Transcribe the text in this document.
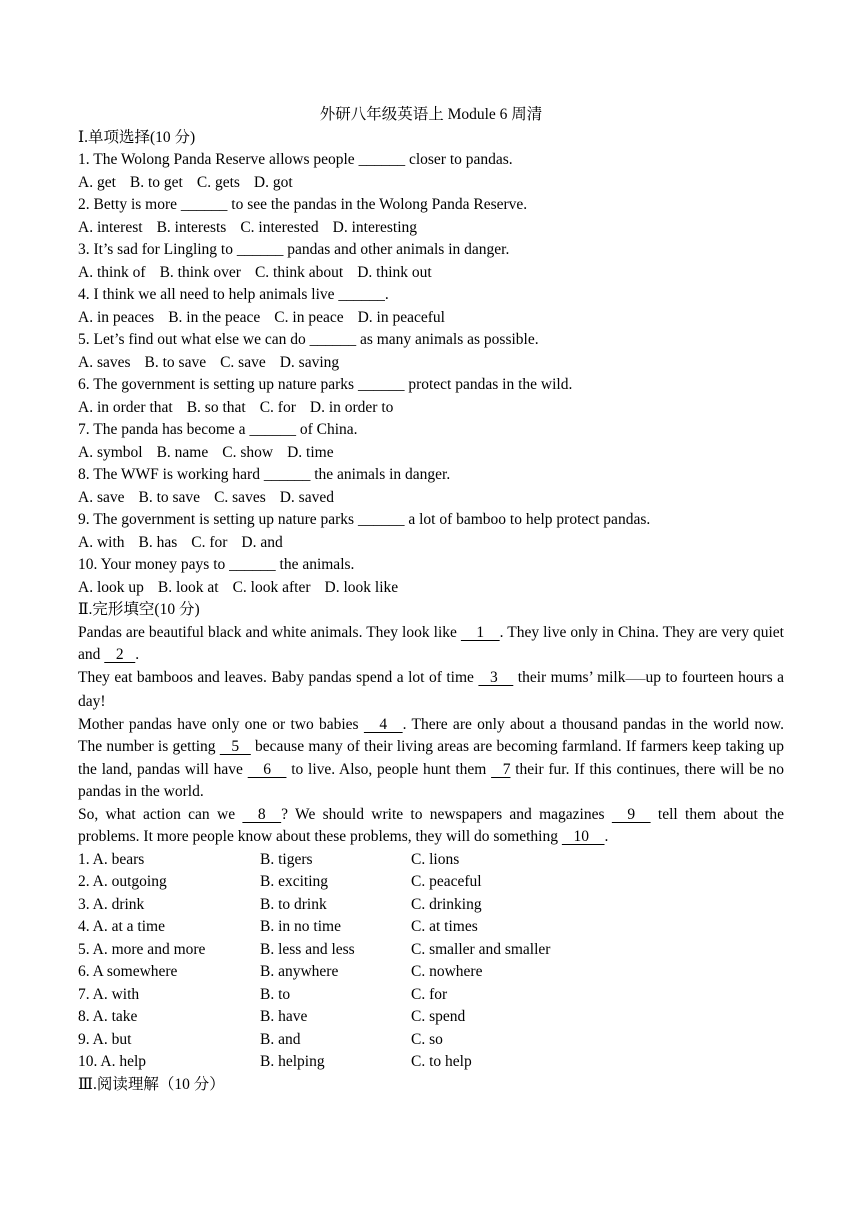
外研八年级英语上 Module 6 周清
Ⅰ.单项选择(10 分)
1. The Wolong Panda Reserve allows people ______ closer to pandas.
A. get B. to get C. gets D. got
2. Betty is more ______ to see the pandas in the Wolong Panda Reserve.
A. interest B. interests C. interested D. interesting
3. It’s sad for Lingling to ______ pandas and other animals in danger.
A. think of B. think over C. think about D. think out
4. I think we all need to help animals live ______.
A. in peaces B. in the peace C. in peace D. in peaceful
5. Let’s find out what else we can do ______ as many animals as possible.
A. saves B. to save C. save D. saving
6. The government is setting up nature parks ______ protect pandas in the wild.
A. in order that B. so that C. for D. in order to
7. The panda has become a ______ of China.
A. symbol B. name C. show D. time
8. The WWF is working hard ______ the animals in danger.
A. save B. to save C. saves D. saved
9. The government is setting up nature parks ______ a lot of bamboo to help protect pandas.
A. with B. has C. for D. and
10. Your money pays to ______ the animals.
A. look up B. look at C. look after D. look like
Ⅱ.完形填空(10 分)
Pandas are beautiful black and white animals. They look like     1    . They live only in China. They are very quiet and    2   .
They eat bamboos and leaves. Baby pandas spend a lot of time    3     their mums’ milk――up to fourteen hours a day!
Mother pandas have only one or two babies     4    . There are only about a thousand pandas in the world now. The number is getting    5    because many of their living areas are becoming farmland. If farmers keep taking up the land, pandas will have     6     to live. Also, people hunt them    7 their fur. If this continues, there will be no pandas in the world.
So, what action can we     8    ? We should write to newspapers and magazines     9     tell them about the problems. It more people know about these problems, they will do something    10    .
1. A. bears	B. tigers	C. lions
2. A. outgoing	B. exciting	C. peaceful
3. A. drink	B. to drink	C. drinking
4. A. at a time	B. in no time	C. at times
5. A. more and more	B. less and less	C. smaller and smaller
6. A somewhere	B. anywhere	C. nowhere
7. A. with	B. to	C. for
8. A. take	B. have	C. spend
9. A. but	B. and	C. so
10. A. help	B. helping	C. to help
Ⅲ.阅读理解（10 分）
